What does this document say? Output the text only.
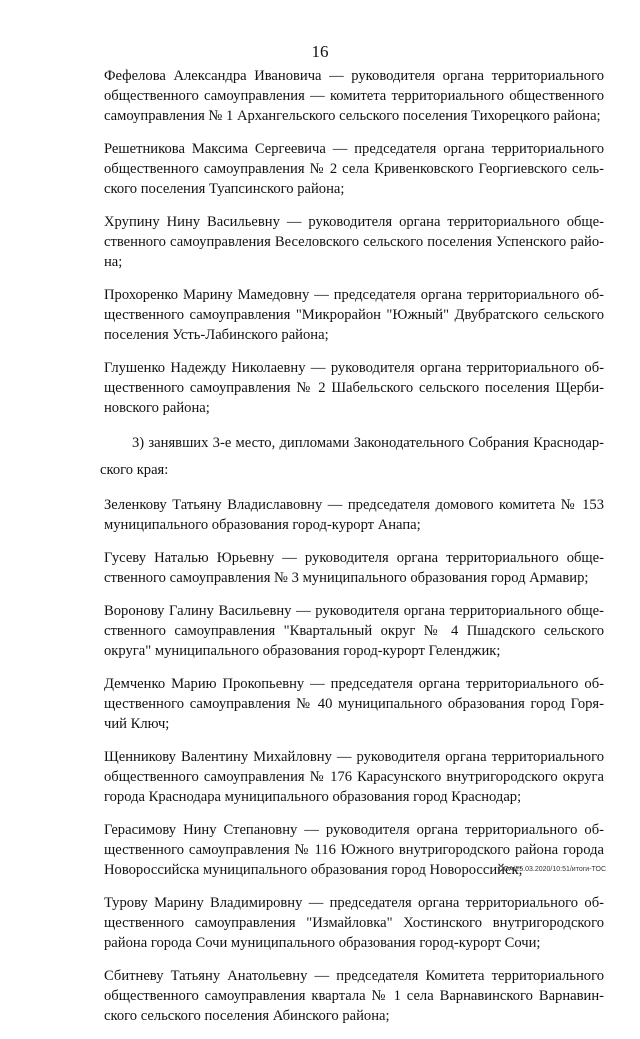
16
Фефелова Александра Ивановича — руководителя органа территориального
общественного самоуправления — комитета территориального общественного
самоуправления № 1 Архангельского сельского поселения Тихорецкого района;
Решетникова Максима Сергеевича — председателя органа территориального
общественного самоуправления № 2 села Кривенковского Георгиевского сель-
ского поселения Туапсинского района;
Хрупину Нину Васильевну — руководителя органа территориального обще-
ственного самоуправления Веселовского сельского поселения Успенского райо-
на;
Прохоренко Марину Мамедовну — председателя органа территориального об-
щественного самоуправления "Микрорайон "Южный" Двубратского сельского
поселения Усть-Лабинского района;
Глушенко Надежду Николаевну — руководителя органа территориального об-
щественного самоуправления № 2 Шабельского сельского поселения Щерби-
новского района;
3) занявших 3-е место, дипломами Законодательного Собрания Краснодар-
ского края:
Зеленкову Татьяну Владиславовну — председателя домового комитета № 153
муниципального образования город-курорт Анапа;
Гусеву Наталью Юрьевну — руководителя органа территориального обще-
ственного самоуправления № 3 муниципального образования город Армавир;
Воронову Галину Васильевну — руководителя органа территориального обще-
ственного самоуправления "Квартальный округ № 4 Пшадского сельского
округа" муниципального образования город-курорт Геленджик;
Демченко Марию Прокопьевну — председателя органа территориального об-
щественного самоуправления № 40 муниципального образования город Горя-
чий Ключ;
Щенникову Валентину Михайловну — руководителя органа территориального
общественного самоуправления № 176 Карасунского внутригородского округа
города Краснодара муниципального образования город Краснодар;
Герасимову Нину Степановну — руководителя органа территориального об-
щественного самоуправления № 116 Южного внутригородского района города
Новороссийска муниципального образования город Новороссийск;
Турову Марину Владимировну — председателя органа территориального об-
щественного самоуправления "Измайловка" Хостинского внутригородского
района города Сочи муниципального образования город-курорт Сочи;
Сбитневу Татьяну Анатольевну — председателя Комитета территориального
общественного самоуправления квартала № 1 села Варнавинского Варнавин-
ского сельского поселения Абинского района;
СОА/25.03.2020/10:51/итоги-ТОС
